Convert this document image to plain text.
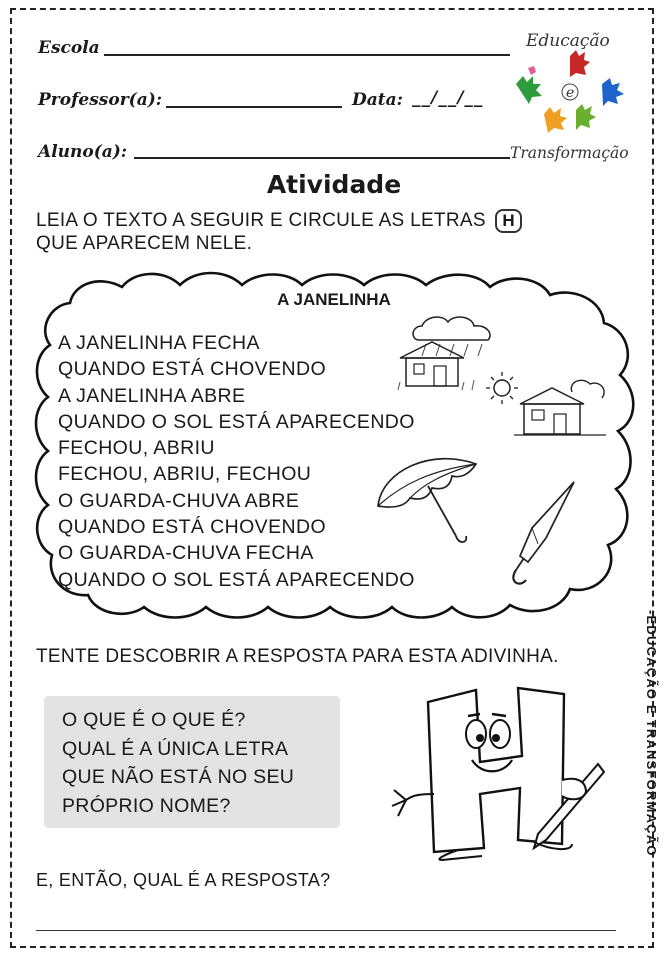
Escola
Professor(a):	Data: __/__/__
Aluno(a):
Educação
e
Transformação
Atividade
LEIA O TEXTO A SEGUIR E CIRCULE AS LETRAS H
QUE APARECEM NELE.
A JANELINHA
A JANELINHA FECHA
QUANDO ESTÁ CHOVENDO
A JANELINHA ABRE
QUANDO O SOL ESTÁ APARECENDO
FECHOU, ABRIU
FECHOU, ABRIU, FECHOU
O GUARDA-CHUVA ABRE
QUANDO ESTÁ CHOVENDO
O GUARDA-CHUVA FECHA
QUANDO O SOL ESTÁ APARECENDO
TENTE DESCOBRIR A RESPOSTA PARA ESTA ADIVINHA.
O QUE É O QUE É?
QUAL É A ÚNICA LETRA
QUE NÃO ESTÁ NO SEU
PRÓPRIO NOME?
E, ENTÃO, QUAL É A RESPOSTA?
-EDUCAÇÃO E TRANSFORMAÇÃO
